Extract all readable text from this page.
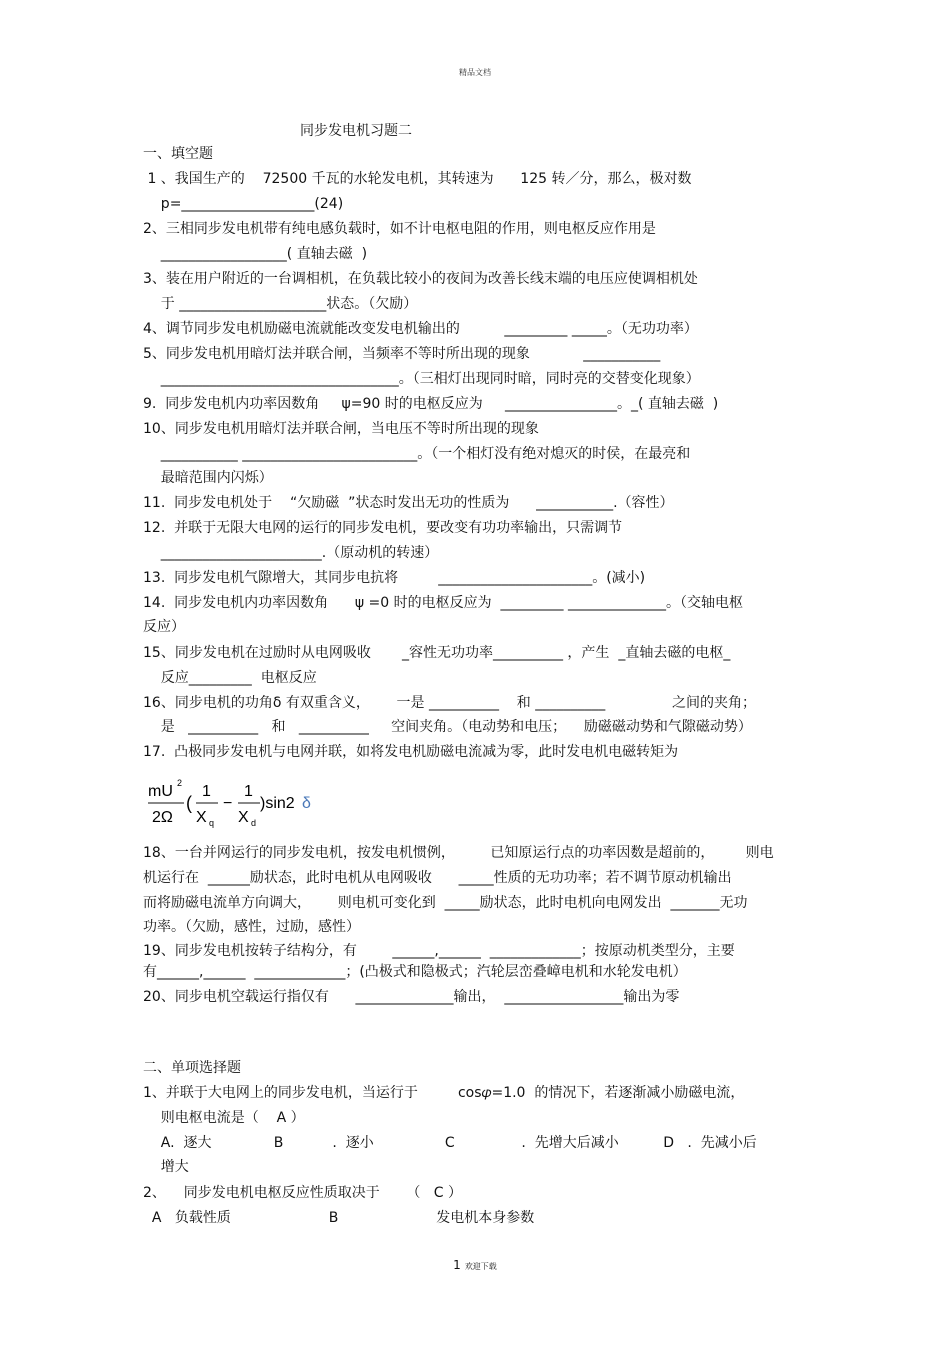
精品文档
同步发电机习题二
一、填空题
1 、我国生产的    72500 千瓦的水轮发电机，其转速为      125 转／分，那么，极对数
p=___________________(24)
2、三相同步发电机带有纯电感负载时，如不计电枢电阻的作用，则电枢反应作用是
__________________( 直轴去磁  )
3、装在用户附近的一台调相机，在负载比较小的夜间为改善长线末端的电压应使调相机处
于 _____________________状态。（欠励）
4、调节同步发电机励磁电流就能改变发电机输出的          _________ _____。（无功功率）
5、同步发电机用暗灯法并联合闸，当频率不等时所出现的现象            ___________
__________________________________。（三相灯出现同时暗，同时亮的交替变化现象）
9.  同步发电机内功率因数角     ψ=90 时的电枢反应为     ________________。_( 直轴去磁  )
10、同步发电机用暗灯法并联合闸，当电压不等时所出现的现象
___________ _________________________。（一个相灯没有绝对熄灭的时侯，在最亮和
最暗范围内闪烁）
11.  同步发电机处于    “欠励磁  ”状态时发出无功的性质为      ___________.（容性）
12.  并联于无限大电网的运行的同步发电机，要改变有功功率输出，只需调节
_______________________.（原动机的转速）
13.  同步发电机气隙增大，其同步电抗将         ______________________。(减小)
14.  同步发电机内功率因数角      ψ =0 时的电枢反应为  _________ ______________。（交轴电枢
反应）
15、同步发电机在过励时从电网吸收       _容性无功功率__________ ，产生  _直轴去磁的电枢_
反应_________  电枢反应
16、同步电机的功角δ 有双重含义，      一是 __________    和 __________               之间的夹角；
是   __________   和   __________     空间夹角。（电动势和电压；    励磁磁动势和气隙磁动势）
17.  凸极同步发电机与电网并联，如将发电机励磁电流减为零，此时发电机电磁转矩为
mU 2
2Ω
(
1
X q
−
1
X d
)sin2 δ
18、一台并网运行的同步发电机，按发电机惯例，        已知原运行点的功率因数是超前的，       则电
机运行在  ______励状态，此时电机从电网吸收      _____性质的无功功率；若不调节原动机输出
而将励磁电流单方向调大，      则电机可变化到  _____励状态，此时电机向电网发出  _______无功
功率。（欠励，感性，过励，感性）
19、同步发电机按转子结构分，有        ______,______  _____________；按原动机类型分，主要
有______,______  _____________；(凸极式和隐极式；汽轮层峦叠嶂电机和水轮发电机）
20、同步电机空载运行指仅有      ______________输出，  _________________输出为零
二、单项选择题
1、并联于大电网上的同步发电机，当运行于         cos𝜑=1.0  的情况下，若逐渐减小励磁电流，
则电枢电流是（    A ）
A.  逐大              B           .  逐小                C               .  先增大后减小          D   .  先减小后
增大
2、    同步发电机电枢反应性质取决于      （   C ）
A   负载性质                      B                      发电机本身参数
1 欢迎下载
